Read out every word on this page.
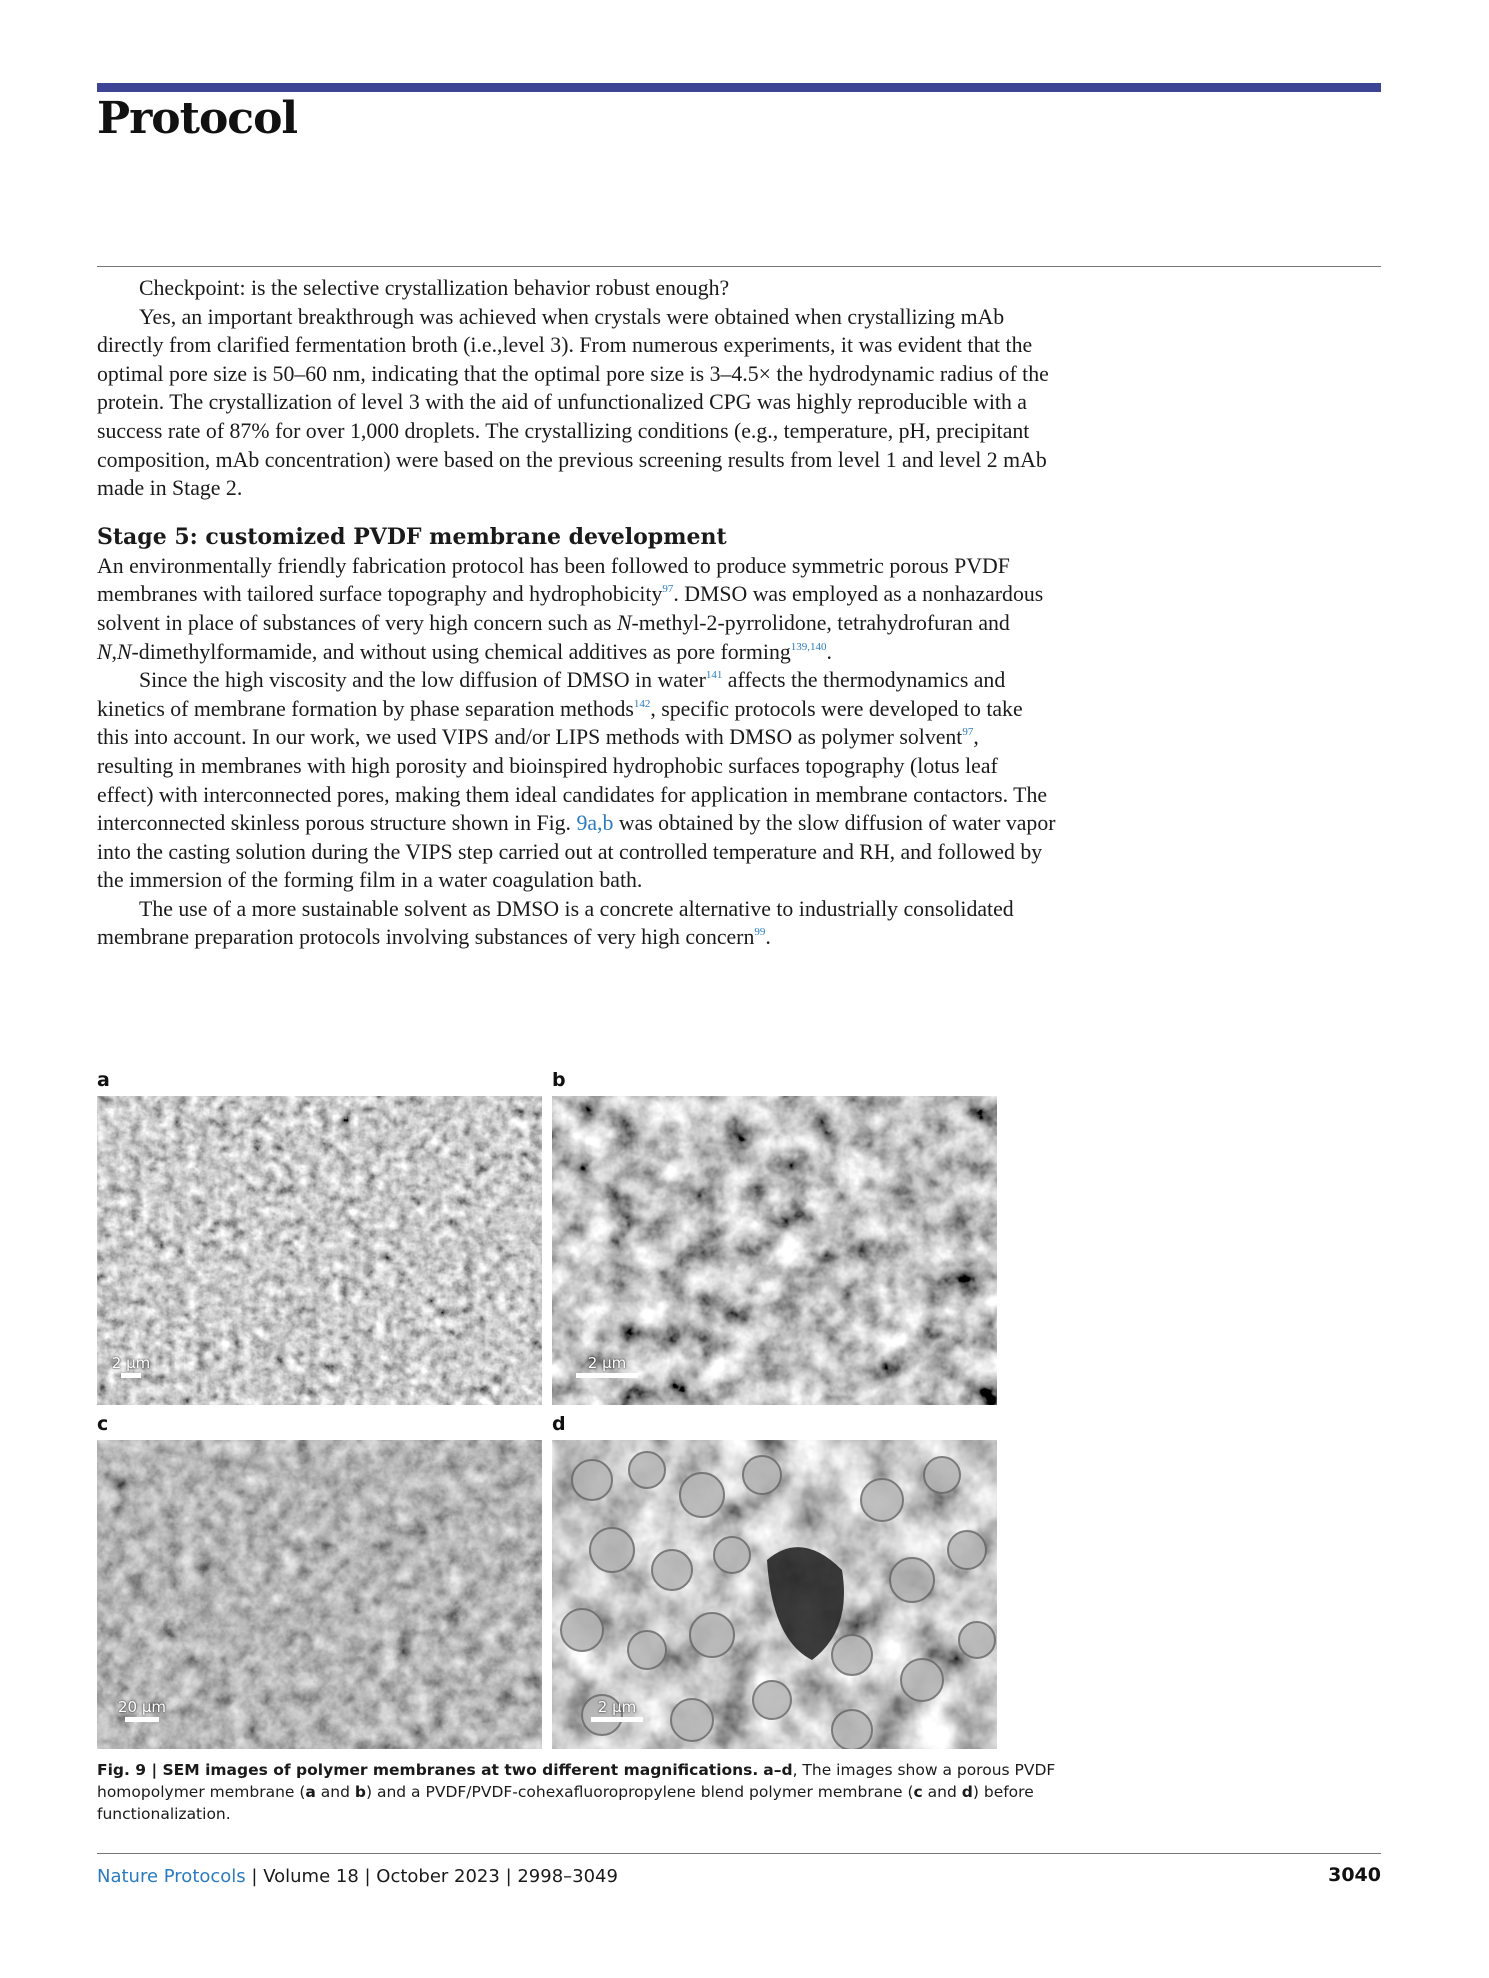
Protocol

Checkpoint: is the selective crystallization behavior robust enough?

Yes, an important breakthrough was achieved when crystals were obtained when crystallizing mAb directly from clarified fermentation broth (i.e.,level 3). From numerous experiments, it was evident that the optimal pore size is 50–60 nm, indicating that the optimal pore size is 3–4.5× the hydrodynamic radius of the protein. The crystallization of level 3 with the aid of unfunctionalized CPG was highly reproducible with a success rate of 87% for over 1,000 droplets. The crystallizing conditions (e.g., temperature, pH, precipitant composition, mAb concentration) were based on the previous screening results from level 1 and level 2 mAb made in Stage 2.

Stage 5: customized PVDF membrane development

An environmentally friendly fabrication protocol has been followed to produce symmetric porous PVDF membranes with tailored surface topography and hydrophobicity$^{97}$. DMSO was employed as a nonhazardous solvent in place of substances of very high concern such as N-methyl-2-pyrrolidone, tetrahydrofuran and N,N-dimethylformamide, and without using chemical additives as pore forming$^{139,140}$.

Since the high viscosity and the low diffusion of DMSO in water$^{141}$ affects the thermodynamics and kinetics of membrane formation by phase separation methods$^{142}$, specific protocols were developed to take this into account. In our work, we used VIPS and/or LIPS methods with DMSO as polymer solvent$^{97}$, resulting in membranes with high porosity and bioinspired hydrophobic surfaces topography (lotus leaf effect) with interconnected pores, making them ideal candidates for application in membrane contactors. The interconnected skinless porous structure shown in Fig. 9a,b was obtained by the slow diffusion of water vapor into the casting solution during the VIPS step carried out at controlled temperature and RH, and followed by the immersion of the forming film in a water coagulation bath.

The use of a more sustainable solvent as DMSO is a concrete alternative to industrially consolidated membrane preparation protocols involving substances of very high concern$^{99}$.

a
2 µm
b
2 µm
c
20 µm
d
2 µm
Fig. 9 | SEM images of polymer membranes at two different magnifications. a–d, The images show a porous PVDF homopolymer membrane (a and b) and a PVDF/PVDF-cohexafluoropropylene blend polymer membrane (c and d) before functionalization.
Nature Protocols | Volume 18 | October 2023 | 2998–3049	3040
